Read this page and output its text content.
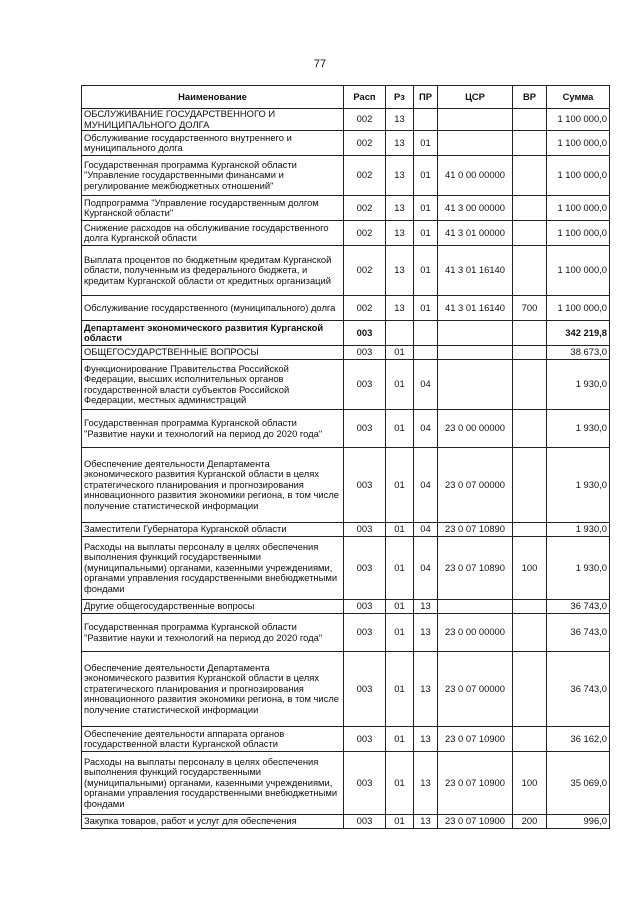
77
Наименование	Расп	Рз	ПР	ЦСР	ВР	Сумма
ОБСЛУЖИВАНИЕ ГОСУДАРСТВЕННОГО И МУНИЦИПАЛЬНОГО ДОЛГА	002	13				1 100 000,0
Обслуживание государственного внутреннего и муниципального долга	002	13	01			1 100 000,0
Государственная программа Курганской области "Управление государственными финансами и регулирование межбюджетных отношений"	002	13	01	41 0 00 00000		1 100 000,0
Подпрограмма "Управление государственным долгом Курганской области"	002	13	01	41 3 00 00000		1 100 000,0
Снижение расходов на обслуживание государственного долга Курганской области	002	13	01	41 3 01 00000		1 100 000,0
Выплата процентов по бюджетным кредитам Курганской области, полученным из федерального бюджета, и кредитам Курганской области от кредитных организаций	002	13	01	41 3 01 16140		1 100 000,0
Обслуживание государственного (муниципального) долга	002	13	01	41 3 01 16140	700	1 100 000,0
Департамент экономического развития Курганской области	003					342 219,8
ОБЩЕГОСУДАРСТВЕННЫЕ ВОПРОСЫ	003	01				38 673,0
Функционирование Правительства Российской Федерации, высших исполнительных органов государственной власти субъектов Российской Федерации, местных администраций	003	01	04			1 930,0
Государственная программа Курганской области "Развитие науки и технологий на период до 2020 года"	003	01	04	23 0 00 00000		1 930,0
Обеспечение деятельности Департамента экономического развития Курганской области в целях стратегического планирования и прогнозирования инновационного развития экономики региона, в том числе получение статистической информации	003	01	04	23 0 07 00000		1 930,0
Заместители Губернатора Курганской области	003	01	04	23 0 07 10890		1 930,0
Расходы на выплаты персоналу в целях обеспечения выполнения функций государственными (муниципальными) органами, казенными учреждениями, органами управления государственными внебюджетными фондами	003	01	04	23 0 07 10890	100	1 930,0
Другие общегосударственные вопросы	003	01	13			36 743,0
Государственная программа Курганской области "Развитие науки и технологий на период до 2020 года"	003	01	13	23 0 00 00000		36 743,0
Обеспечение деятельности Департамента экономического развития Курганской области в целях стратегического планирования и прогнозирования инновационного развития экономики региона, в том числе получение статистической информации	003	01	13	23 0 07 00000		36 743,0
Обеспечение деятельности аппарата органов государственной власти Курганской области	003	01	13	23 0 07 10900		36 162,0
Расходы на выплаты персоналу в целях обеспечения выполнения функций государственными (муниципальными) органами, казенными учреждениями, органами управления государственными внебюджетными фондами	003	01	13	23 0 07 10900	100	35 069,0
Закупка товаров, работ и услуг для обеспечения	003	01	13	23 0 07 10900	200	996,0
